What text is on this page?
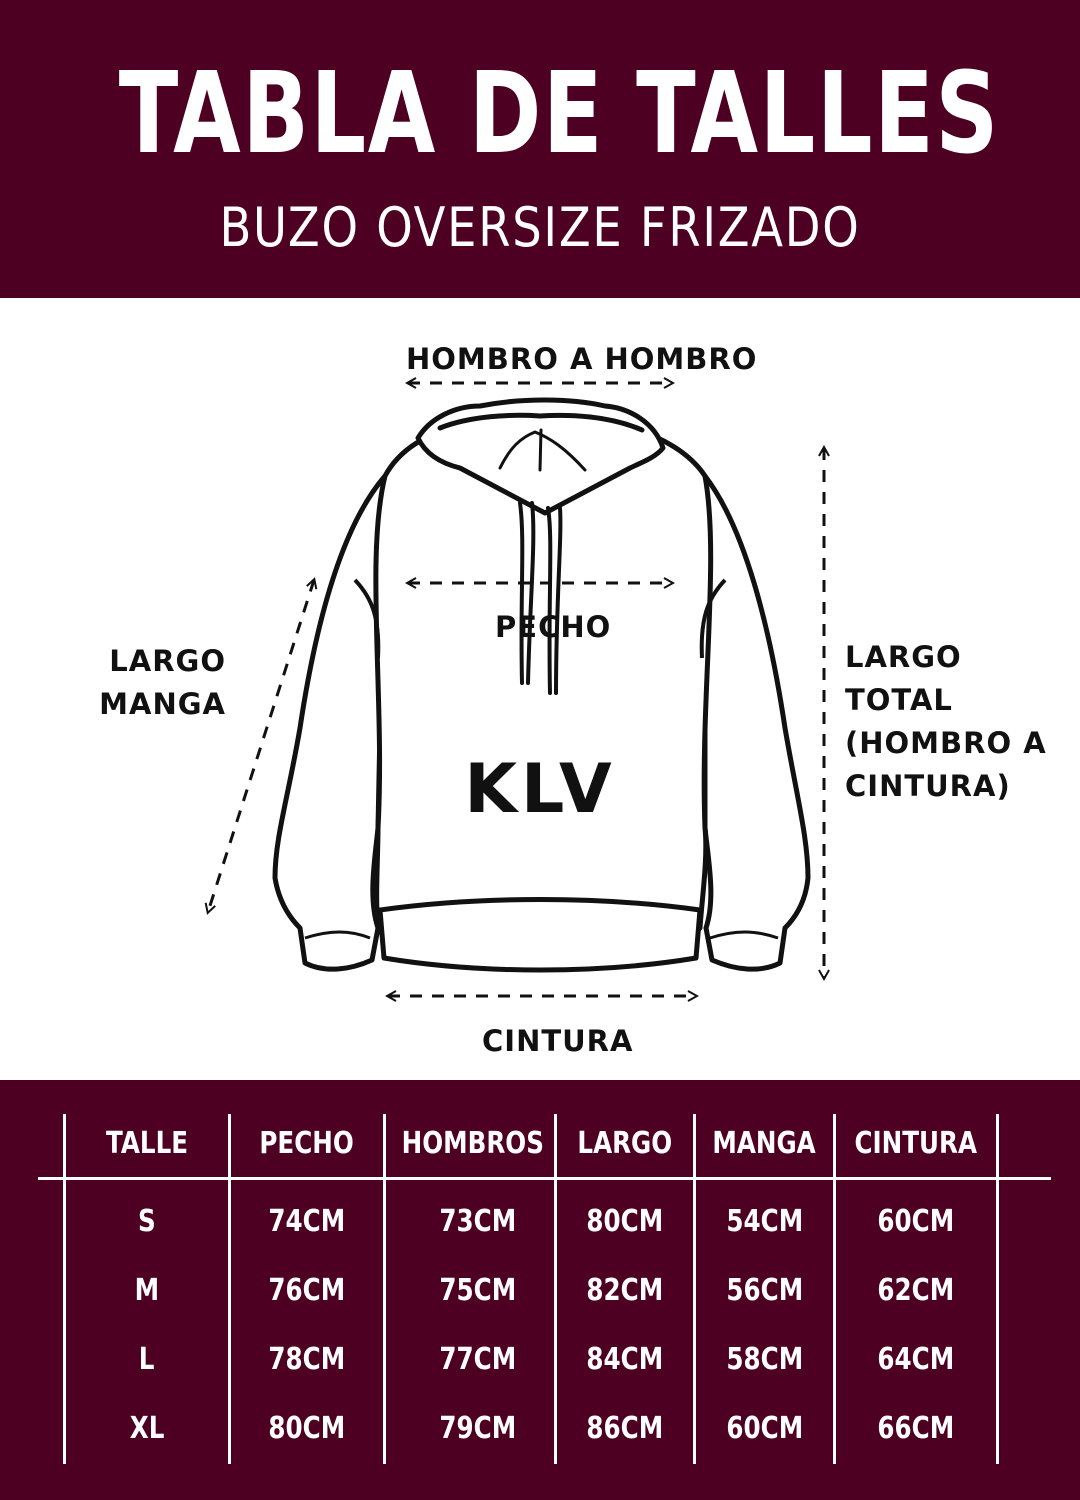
TABLA DE TALLES
BUZO OVERSIZE FRIZADO
HOMBRO A HOMBRO
PECHO
LARGO
MANGA
LARGO
TOTAL
(HOMBRO A
CINTURA)
CINTURA
KLV
TALLE	PECHO	HOMBROS	LARGO	MANGA	CINTURA
S	74CM	73CM	80CM	54CM	60CM
M	76CM	75CM	82CM	56CM	62CM
L	78CM	77CM	84CM	58CM	64CM
XL	80CM	79CM	86CM	60CM	66CM
